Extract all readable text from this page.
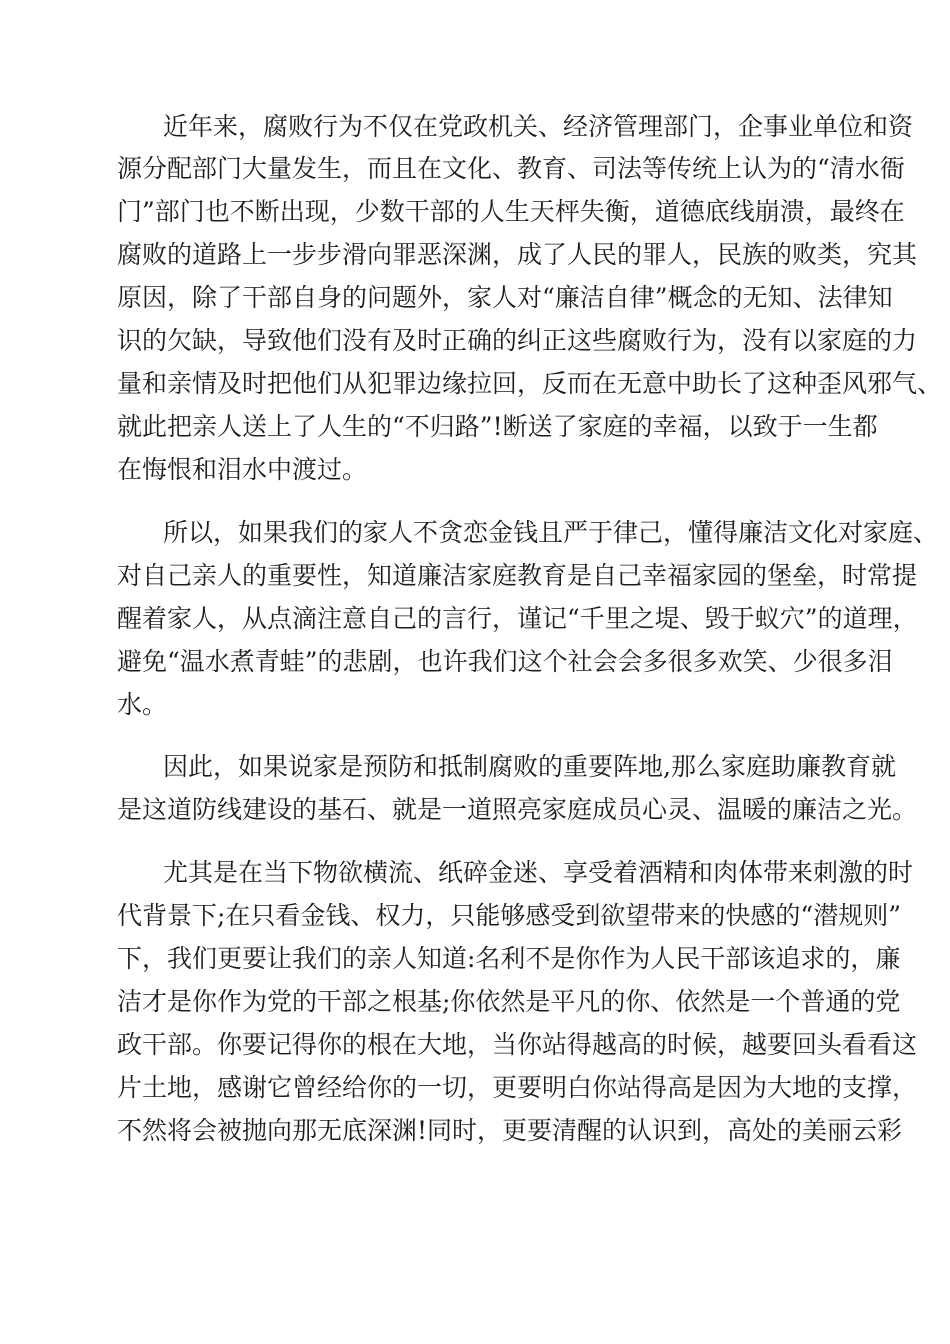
近年来，腐败行为不仅在党政机关、经济管理部门，企事业单位和资
源分配部门大量发生，而且在文化、教育、司法等传统上认为的“清水衙
门”部门也不断出现，少数干部的人生天枰失衡，道德底线崩溃，最终在
腐败的道路上一步步滑向罪恶深渊，成了人民的罪人，民族的败类，究其
原因，除了干部自身的问题外，家人对“廉洁自律”概念的无知、法律知
识的欠缺，导致他们没有及时正确的纠正这些腐败行为，没有以家庭的力
量和亲情及时把他们从犯罪边缘拉回，反而在无意中助长了这种歪风邪气、
就此把亲人送上了人生的“不归路”!断送了家庭的幸福，以致于一生都
在悔恨和泪水中渡过。
所以，如果我们的家人不贪恋金钱且严于律己，懂得廉洁文化对家庭、
对自己亲人的重要性，知道廉洁家庭教育是自己幸福家园的堡垒，时常提
醒着家人，从点滴注意自己的言行，谨记“千里之堤、毁于蚁穴”的道理，
避免“温水煮青蛙”的悲剧，也许我们这个社会会多很多欢笑、少很多泪
水。
因此，如果说家是预防和抵制腐败的重要阵地,那么家庭助廉教育就
是这道防线建设的基石、就是一道照亮家庭成员心灵、温暖的廉洁之光。
尤其是在当下物欲横流、纸碎金迷、享受着酒精和肉体带来刺激的时
代背景下;在只看金钱、权力，只能够感受到欲望带来的快感的“潜规则”
下，我们更要让我们的亲人知道:名利不是你作为人民干部该追求的，廉
洁才是你作为党的干部之根基;你依然是平凡的你、依然是一个普通的党
政干部。你要记得你的根在大地，当你站得越高的时候，越要回头看看这
片土地，感谢它曾经给你的一切，更要明白你站得高是因为大地的支撑，
不然将会被抛向那无底深渊!同时，更要清醒的认识到，高处的美丽云彩
